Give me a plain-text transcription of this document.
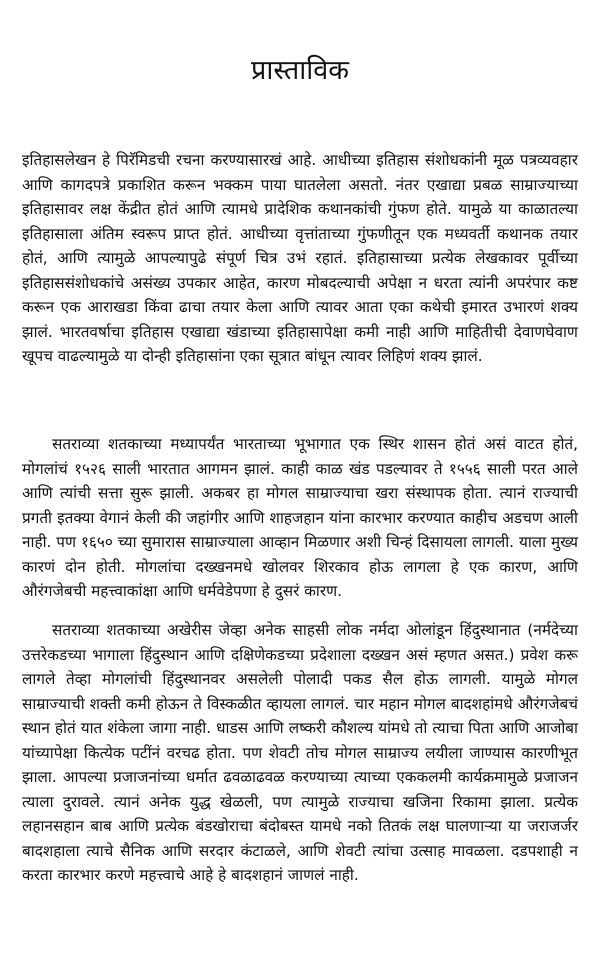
प्रास्ताविक

इतिहासलेखन हे पिरॅमिडची रचना करण्यासारखं आहे. आधीच्या इतिहास संशोधकांनी मूळ पत्रव्यवहार आणि कागदपत्रे प्रकाशित करून भक्कम पाया घातलेला असतो. नंतर एखाद्या प्रबळ साम्राज्याच्या इतिहासावर लक्ष केंद्रीत होतं आणि त्यामधे प्रादेशिक कथानकांची गुंफण होते. यामुळे या काळातल्या इतिहासाला अंतिम स्वरूप प्राप्त होतं. आधीच्या वृत्तांताच्या गुंफणीतून एक मध्यवर्ती कथानक तयार होतं, आणि त्यामुळे आपल्यापुढे संपूर्ण चित्र उभं रहातं. इतिहासाच्या प्रत्येक लेखकावर पूर्वीच्या इतिहाससंशोधकांचे असंख्य उपकार आहेत, कारण मोबदल्याची अपेक्षा न धरता त्यांनी अपरंपार कष्ट करून एक आराखडा किंवा ढाचा तयार केला आणि त्यावर आता एका कथेची इमारत उभारणं शक्य झालं. भारतवर्षाचा इतिहास एखाद्या खंडाच्या इतिहासापेक्षा कमी नाही आणि माहितीची देवाणघेवाण खूपच वाढल्यामुळे या दोन्ही इतिहासांना एका सूत्रात बांधून त्यावर लिहिणं शक्य झालं.

सतराव्या शतकाच्या मध्यापर्यंत भारताच्या भूभागात एक स्थिर शासन होतं असं वाटत होतं, मोगलांचं १५२६ साली भारतात आगमन झालं. काही काळ खंड पडल्यावर ते १५५६ साली परत आले आणि त्यांची सत्ता सुरू झाली. अकबर हा मोगल साम्राज्याचा खरा संस्थापक होता. त्यानं राज्याची प्रगती इतक्या वेगानं केली की जहांगीर आणि शाहजहान यांना कारभार करण्यात काहीच अडचण आली नाही. पण १६५० च्या सुमारास साम्राज्याला आव्हान मिळणार अशी चिन्हं दिसायला लागली. याला मुख्य कारणं दोन होती. मोगलांचा दख्खनमधे खोलवर शिरकाव होऊ लागला हे एक कारण, आणि औरंगजेबची महत्त्वाकांक्षा आणि धर्मवेडेपणा हे दुसरं कारण.

सतराव्या शतकाच्या अखेरीस जेव्हा अनेक साहसी लोक नर्मदा ओलांडून हिंदुस्थानात (नर्मदेच्या उत्तरेकडच्या भागाला हिंदुस्थान आणि दक्षिणेकडच्या प्रदेशाला दख्खन असं म्हणत असत.) प्रवेश करू लागले तेव्हा मोगलांची हिंदुस्थानवर असलेली पोलादी पकड सैल होऊ लागली. यामुळे मोगल साम्राज्याची शक्ती कमी होऊन ते विस्कळीत व्हायला लागलं. चार महान मोगल बादशहांमधे औरंगजेबचं स्थान होतं यात शंकेला जागा नाही. धाडस आणि लष्करी कौशल्य यांमधे तो त्याचा पिता आणि आजोबा यांच्यापेक्षा कित्येक पटींनं वरचढ होता. पण शेवटी तोच मोगल साम्राज्य लयीला जाण्यास कारणीभूत झाला. आपल्या प्रजाजनांच्या धर्मात ढवळाढवळ करण्याच्या त्याच्या एककलमी कार्यक्रमामुळे प्रजाजन त्याला दुरावले. त्यानं अनेक युद्ध खेळली, पण त्यामुळे राज्याचा खजिना रिकामा झाला. प्रत्येक लहानसहान बाब आणि प्रत्येक बंडखोराचा बंदोबस्त यामधे नको तितकं लक्ष घालणाऱ्या या जराजर्जर बादशहाला त्याचे सैनिक आणि सरदार कंटाळले, आणि शेवटी त्यांचा उत्साह मावळला. दडपशाही न करता कारभार करणे महत्त्वाचे आहे हे बादशहानं जाणलं नाही.
